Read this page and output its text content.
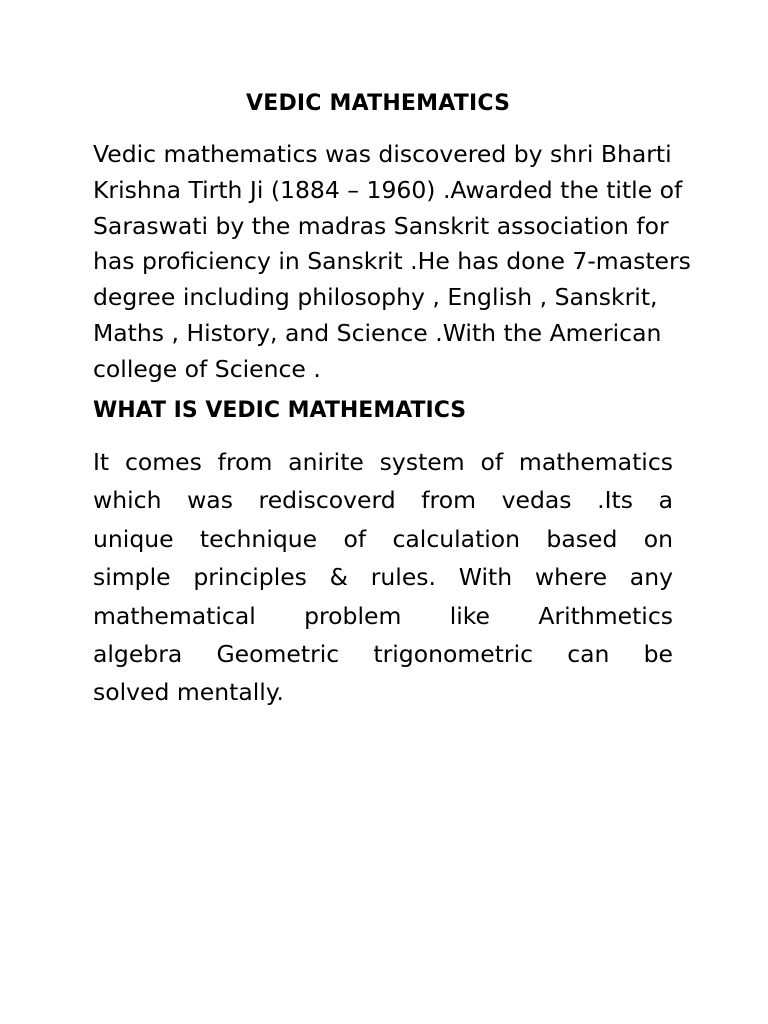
VEDIC MATHEMATICS

Vedic mathematics was discovered by shri Bharti
Krishna Tirth Ji (1884 – 1960) .Awarded the title of
Saraswati by the madras Sanskrit association for
has proficiency in Sanskrit .He has done 7-masters
degree including philosophy , English , Sanskrit,
Maths , History, and Science .With the American
college of Science .

WHAT IS VEDIC MATHEMATICS

It comes from anirite system of mathematics
which was rediscoverd from vedas .Its a
unique technique of calculation based on
simple principles & rules. With where any
mathematical problem like Arithmetics
algebra Geometric trigonometric can be
solved mentally.
